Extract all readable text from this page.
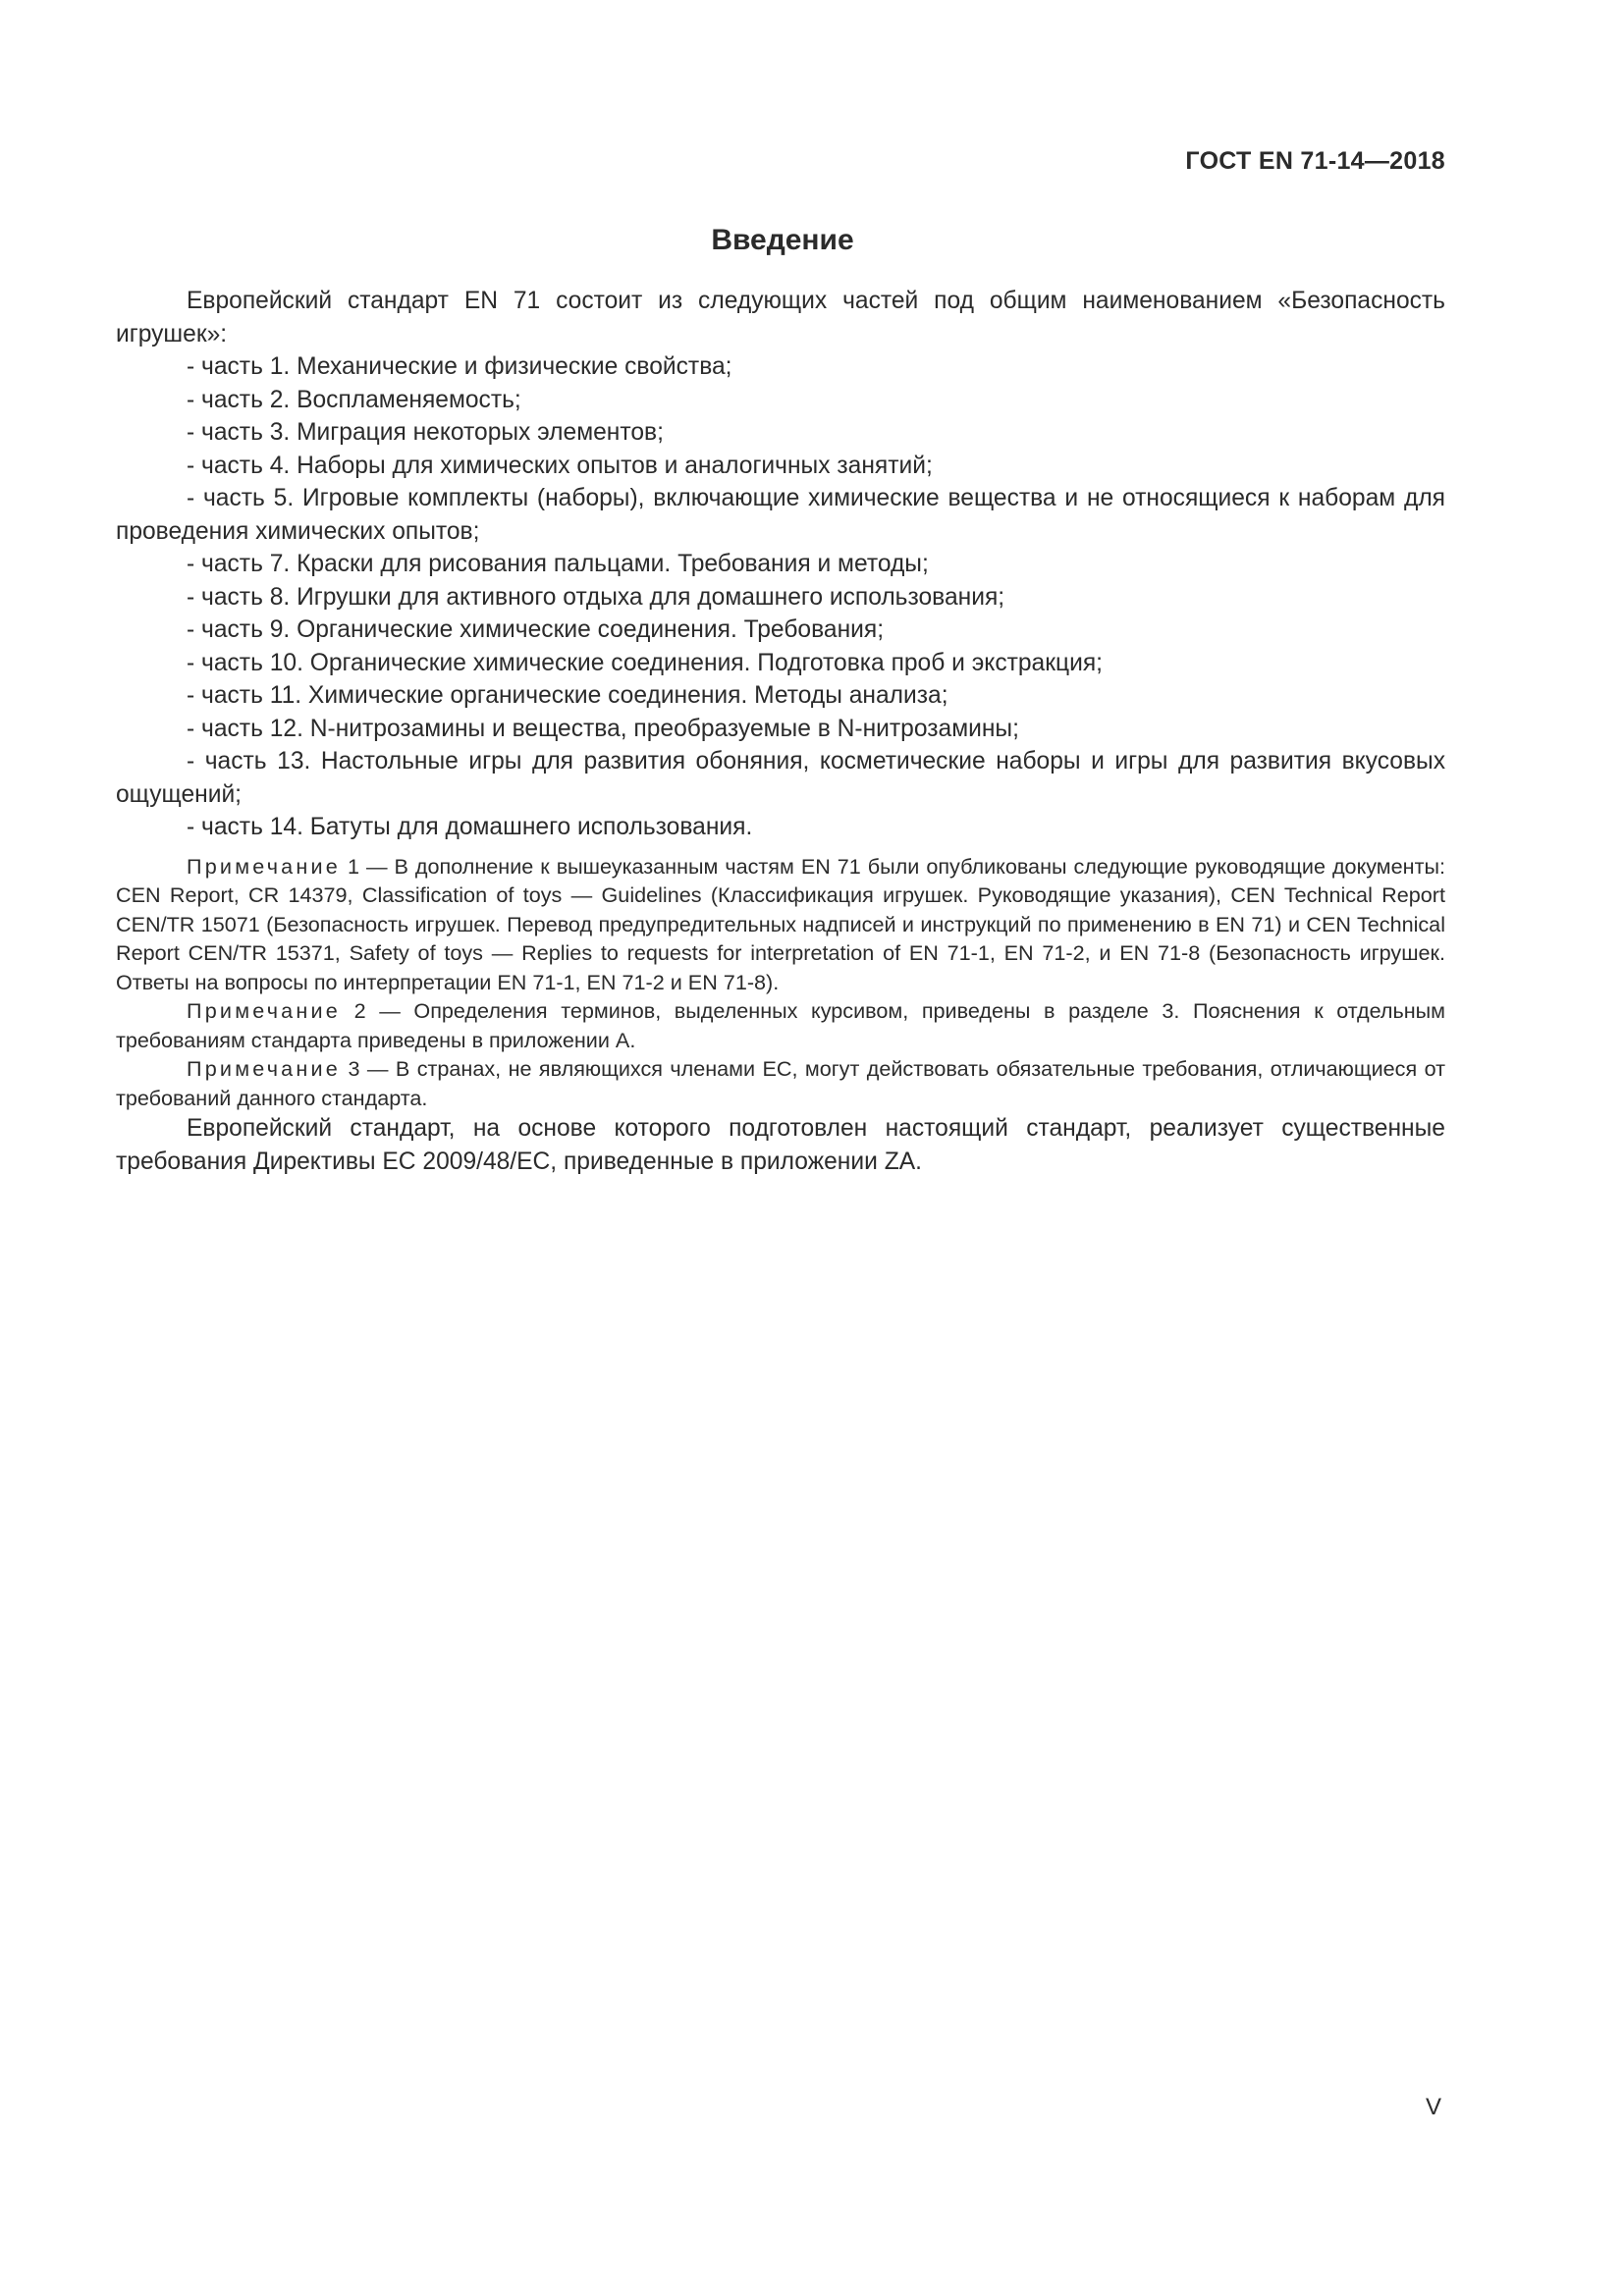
ГОСТ EN 71-14—2018
Введение

Европейский стандарт EN 71 состоит из следующих частей под общим наименованием «Безопасность игрушек»:

- часть 1. Механические и физические свойства;

- часть 2. Воспламеняемость;

- часть 3. Миграция некоторых элементов;

- часть 4. Наборы для химических опытов и аналогичных занятий;

- часть 5. Игровые комплекты (наборы), включающие химические вещества и не относящиеся к наборам для проведения химических опытов;

- часть 7. Краски для рисования пальцами. Требования и методы;

- часть 8. Игрушки для активного отдыха для домашнего использования;

- часть 9. Органические химические соединения. Требования;

- часть 10. Органические химические соединения. Подготовка проб и экстракция;

- часть 11. Химические органические соединения. Методы анализа;

- часть 12. N-нитрозамины и вещества, преобразуемые в N-нитрозамины;

- часть 13. Настольные игры для развития обоняния, косметические наборы и игры для развития вкусовых ощущений;

- часть 14. Батуты для домашнего использования.

Примечание 1 — В дополнение к вышеуказанным частям EN 71 были опубликованы следующие руководящие документы: CEN Report, CR 14379, Classification of toys — Guidelines (Классификация игрушек. Руководящие указания), CEN Technical Report CEN/TR 15071 (Безопасность игрушек. Перевод предупредительных надписей и инструкций по применению в EN 71) и CEN Technical Report CEN/TR 15371, Safety of toys — Replies to requests for interpretation of EN 71-1, EN 71-2, и EN 71-8 (Безопасность игрушек. Ответы на вопросы по интерпретации EN 71-1, EN 71-2 и EN 71-8).

Примечание 2 — Определения терминов, выделенных курсивом, приведены в разделе 3. Пояснения к отдельным требованиям стандарта приведены в приложении А.

Примечание 3 — В странах, не являющихся членами ЕС, могут действовать обязательные требования, отличающиеся от требований данного стандарта.

Европейский стандарт, на основе которого подготовлен настоящий стандарт, реализует существенные требования Директивы ЕС 2009/48/ЕС, приведенные в приложении ZA.

V
